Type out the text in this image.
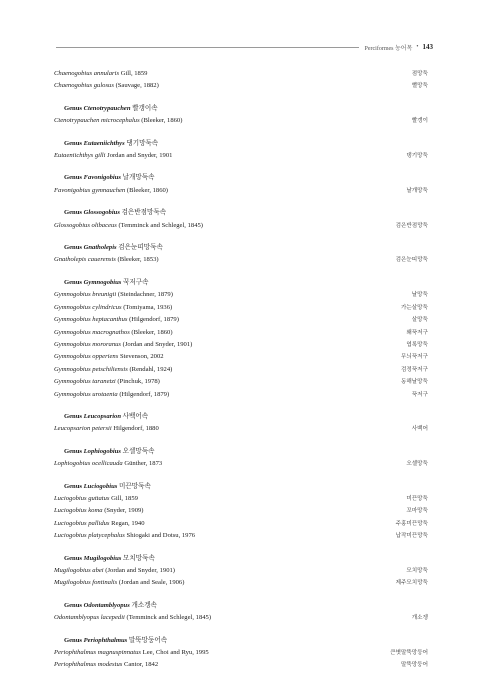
Perciformes 농어목 • 143
Chaenogobius annularis Gill, 1859	점망둑
Chaenogobius gulosus (Sauvage, 1882)	뻘망둑
Genus Ctenotrypauchen 빨갱이속
Ctenotrypauchen microcephalus (Bleeker, 1860)	빨갱이
Genus Eutaeniichthys 댕기망둑속
Eutaeniichthys gilli Jordan and Snyder, 1901	댕기망둑
Genus Favonigobius 날개망둑속
Favonigobius gymnauchen (Bleeker, 1860)	날개망둑
Genus Glossogobius 검은반점망둑속
Glossogobius olibaceus (Temminck and Schlegel, 1845)	검은반점망둑
Genus Gnatholepis 검은눈띠망둑속
Gnatholepis cauerensis (Bleeker, 1853)	검은눈띠망둑
Genus Gymnogobius 꾹저구속
Gymnogobius breunigii (Steindachner, 1879)	날망둑
Gymnogobius cylindricus (Tomiyama, 1936)	가는살망둑
Gymnogobius heptacanthus (Hilgendorf, 1879)	살망둑
Gymnogobius macrognathos (Bleeker, 1860)	왜꾹저구
Gymnogobius mororanus (Jordan and Snyder, 1901)	엽록망둑
Gymnogobius opperiens Stevenson, 2002	무늬꾹저구
Gymnogobius petschiliensis (Rendahl, 1924)	검정꾹저구
Gymnogobius taranetzi (Pinchuk, 1978)	동해날망둑
Gymnogobius urotaenia (Hilgendorf, 1879)	꾹저구
Genus Leucopsarion 사백어속
Leucopsarion petersii Hilgendorf, 1880	사백어
Genus Lophiogobius 오셀망둑속
Lophiogobius ocellicauda Günther, 1873	오셀망둑
Genus Luciogobius 미끈망둑속
Luciogobius guttatus Gill, 1859	미끈망둑
Luciogobius koma (Snyder, 1909)	꼬마망둑
Luciogobius pallidus Regan, 1940	주홍미끈망둑
Luciogobius platycephalus Shiogaki and Dotsu, 1976	납작미끈망둑
Genus Mugilogobius 모치망둑속
Mugilogobius abei (Jordan and Snyder, 1901)	모치망둑
Mugilogobius fontinalis (Jordan and Seale, 1906)	제주모치망둑
Genus Odontamblyopus 개소겡속
Odontamblyopus lacepedii (Temminck and Schlegel, 1845)	개소겡
Genus Periophthalmus 말뚝망둥어속
Periophthalmus magnuspinnatus Lee, Choi and Ryu, 1995	큰볏말뚝망둥어
Periophthalmus modestus Cantor, 1842	말뚝망둥어
